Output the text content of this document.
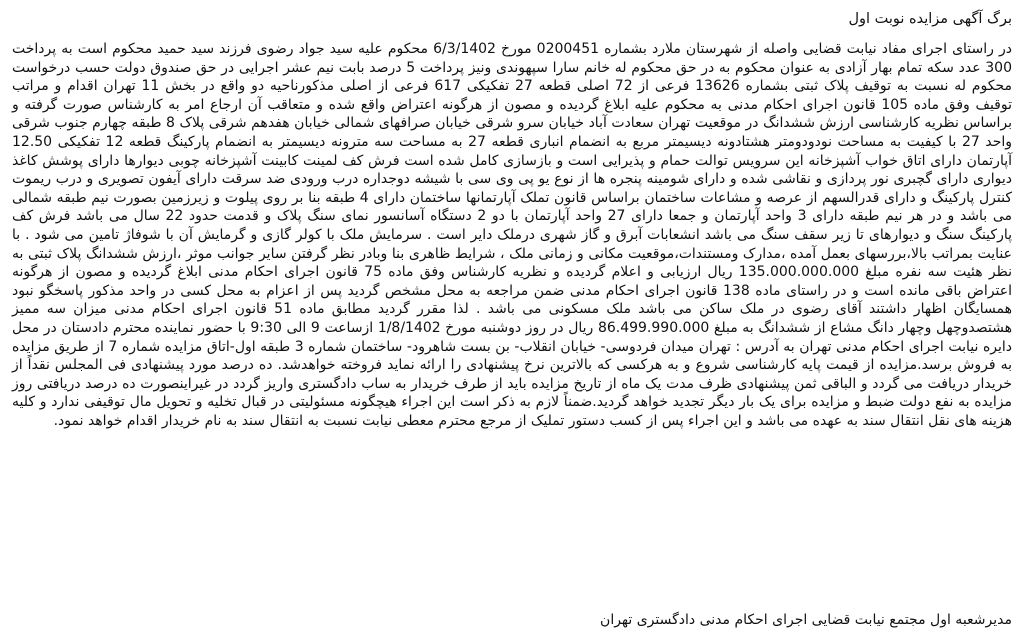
برگ آگهی مزایده نوبت اول

در راستای اجرای مفاد نیابت قضایی واصله از شهرستان ملارد بشماره 0200451 مورخ 6/3/1402 محکوم علیه سید جواد رضوی فرزند سید حمید محکوم است به پرداخت 300 عدد سکه تمام بهار آزادی به عنوان محکوم به در حق محکوم له خانم سارا سپهوندی ونیز پرداخت 5 درصد بابت نیم عشر اجرایی در حق صندوق دولت حسب درخواست محکوم له نسبت به توقیف پلاک ثبتی بشماره 13626 فرعی از 72 اصلی قطعه 27 تفکیکی 617 فرعی از اصلی مذکورناحیه دو واقع در بخش 11 تهران اقدام و مراتب توقیف وفق ماده 105 قانون اجرای احکام مدنی به محکوم علیه ابلاغ گردیده و مصون از هرگونه اعتراض واقع شده و متعاقب آن ارجاع امر به کارشناس صورت گرفته و براساس نظریه کارشناسی ارزش ششدانگ در موقعیت تهران سعادت آباد خیابان سرو شرقی خیابان صرافهای شمالی خیابان هفدهم شرقی پلاک 8 طبقه چهارم جنوب شرقی واحد 27 با کیفیت به مساحت نودودومتر هشتادونه دیسیمتر مربع به انضمام انباری قطعه 27 به مساحت سه مترونه دیسیمتر به انضمام پارکینگ قطعه 12 تفکیکی 12.50 آپارتمان دارای اتاق خواب آشپزخانه این سرویس توالت حمام و پذیرایی است و بازسازی کامل شده است فرش کف لمینت کابینت آشپزخانه چوبی دیوارها دارای پوشش کاغذ دیواری دارای گچبری نور پردازی و نقاشی شده و دارای شومینه پنجره ها از نوع یو پی وی سی با شیشه دوجداره درب ورودی ضد سرقت دارای آیفون تصویری و درب ریموت کنترل پارکینگ و دارای قدرالسهم از عرصه و مشاعات ساختمان براساس قانون تملک آپارتمانها ساختمان دارای 4 طبقه بنا بر روی پیلوت و زیرزمین بصورت نیم طبقه شمالی می باشد و در هر نیم طبقه دارای 3 واحد آپارتمان و جمعا دارای 27 واحد آپارتمان با دو 2 دستگاه آسانسور نمای سنگ پلاک و قدمت حدود 22 سال می باشد فرش کف پارکینگ سنگ و دیوارهای تا زیر سقف سنگ می باشد انشعابات آبرق و گاز شهری درملک دایر است . سرمایش ملک با کولر گازی و گرمایش آن با شوفاژ تامین می شود . با عنایت بمراتب بالا،بررسهای بعمل آمده ،مدارک ومستندات،موقعیت مکانی و زمانی ملک ، شرایط ظاهری بنا وبادر نظر گرفتن سایر جوانب موثر ،ارزش ششدانگ پلاک ثبتی به نظر هئیت سه نفره مبلغ 135.000.000.000 ریال ارزیابی و اعلام گردیده و نظریه کارشناس وفق ماده 75 قانون اجرای احکام مدنی ابلاغ گردیده و مصون از هرگونه اعتراض باقی مانده است و در راستای ماده 138 قانون اجرای احکام مدنی ضمن مراجعه به محل مشخص گردید پس از اعزام به محل کسی در واحد مذکور پاسخگو نبود همسایگان اظهار داشتند آقای رضوی در ملک ساکن می باشد ملک مسکونی می باشد . لذا مقرر گردید مطابق ماده 51 قانون اجرای احکام مدنی میزان سه ممیز هشتصدوچهل وچهار دانگ مشاع از ششدانگ به مبلغ 86.499.990.000 ریال در روز دوشنبه مورخ 1/8/1402 ازساعت 9 الی 9:30 با حضور نماینده محترم دادستان در محل دایره نیابت اجرای احکام مدنی تهران به آدرس : تهران میدان فردوسی- خیابان انقلاب- بن بست شاهرود- ساختمان شماره 3 طبقه اول-اتاق مزایده شماره 7 از طریق مزایده به فروش برسد.مزایده از قیمت پایه کارشناسی شروع و به هرکسی که بالاترین نرخ پیشنهادی را ارائه نماید فروخته خواهدشد. ده درصد مورد پیشنهادی فی المجلس نقداً از خریدار دریافت می گردد و الباقی ثمن پیشنهادی ظرف مدت یک ماه از تاریخ مزایده باید از طرف خریدار به ساب دادگستری واریز گردد در غیراینصورت ده درصد دریافتی روز مزایده به نفع دولت ضبط و مزایده برای یک بار دیگر تجدید خواهد گردید.ضمناً لازم به ذکر است این اجراء هیچگونه مسئولیتی در قبال تخلیه و تحویل مال توقیفی ندارد و کلیه هزینه های نقل انتقال سند به عهده می باشد و این اجراء پس از کسب دستور تملیک از مرجع محترم معطی نیابت نسبت به انتقال سند به نام خریدار اقدام خواهد نمود.

مدیرشعبه اول مجتمع نیابت قضایی اجرای احکام مدنی دادگستری تهران
